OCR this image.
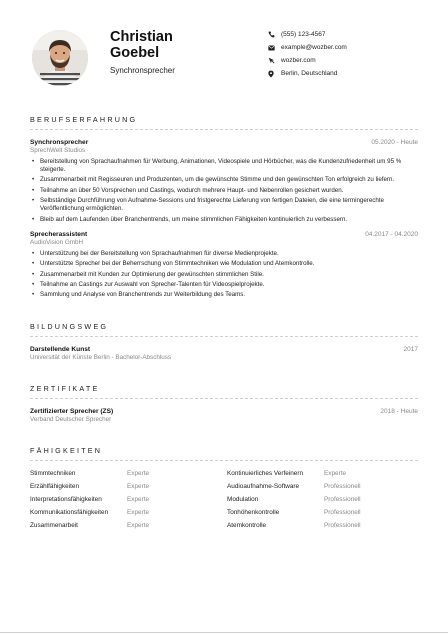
Christian
Goebel
Synchronsprecher
(555) 123-4567
example@wozber.com
wozber.com
Berlin, Deutschland
BERUFSERFAHRUNG
Synchronsprecher
SprechWelt Studios
05.2020 - Heute
• Bereitstellung von Sprachaufnahmen für Werbung, Animationen, Videospiele und Hörbücher, was die Kundenzufriedenheit um 95 % steigerte.
• Zusammenarbeit mit Regisseuren und Produzenten, um die gewünschte Stimme und den gewünschten Ton erfolgreich zu liefern.
• Teilnahme an über 50 Vorsprechen und Castings, wodurch mehrere Haupt- und Nebenrollen gesichert wurden.
• Selbständige Durchführung von Aufnahme-Sessions und fristgerechte Lieferung von fertigen Dateien, die eine termingerechte Veröffentlichung ermöglichten.
• Bleib auf dem Laufenden über Branchentrends, um meine stimmlichen Fähigkeiten kontinuierlich zu verbessern.
Sprecherassistent
AudioVision GmbH
04.2017 - 04.2020
• Unterstützung bei der Bereitstellung von Sprachaufnahmen für diverse Medienprojekte.
• Unterstützte Sprecher bei der Beherrschung von Stimmtechniken wie Modulation und Atemkontrolle.
• Zusammenarbeit mit Kunden zur Optimierung der gewünschten stimmlichen Stile.
• Teilnahme an Castings zur Auswahl von Sprecher-Talenten für Videospielprojekte.
• Sammlung und Analyse von Branchentrends zur Weiterbildung des Teams.
BILDUNGSWEG
Darstellende Kunst
Universität der Künste Berlin - Bachelor-Abschluss
2017
ZERTIFIKATE
Zertifizierter Sprecher (ZS)
Verband Deutscher Sprecher
2018 - Heute
FÄHIGKEITEN
Stimmtechniken	Experte	Kontinuierliches Verfeinern	Experte
Erzählfähigkeiten	Experte	Audioaufnahme-Software	Professionell
Interpretationsfähigkeiten	Experte	Modulation	Professionell
Kommunikationsfähigkeiten	Experte	Tonhöhenkontrolle	Professionell
Zusammenarbeit	Experte	Atemkontrolle	Professionell
